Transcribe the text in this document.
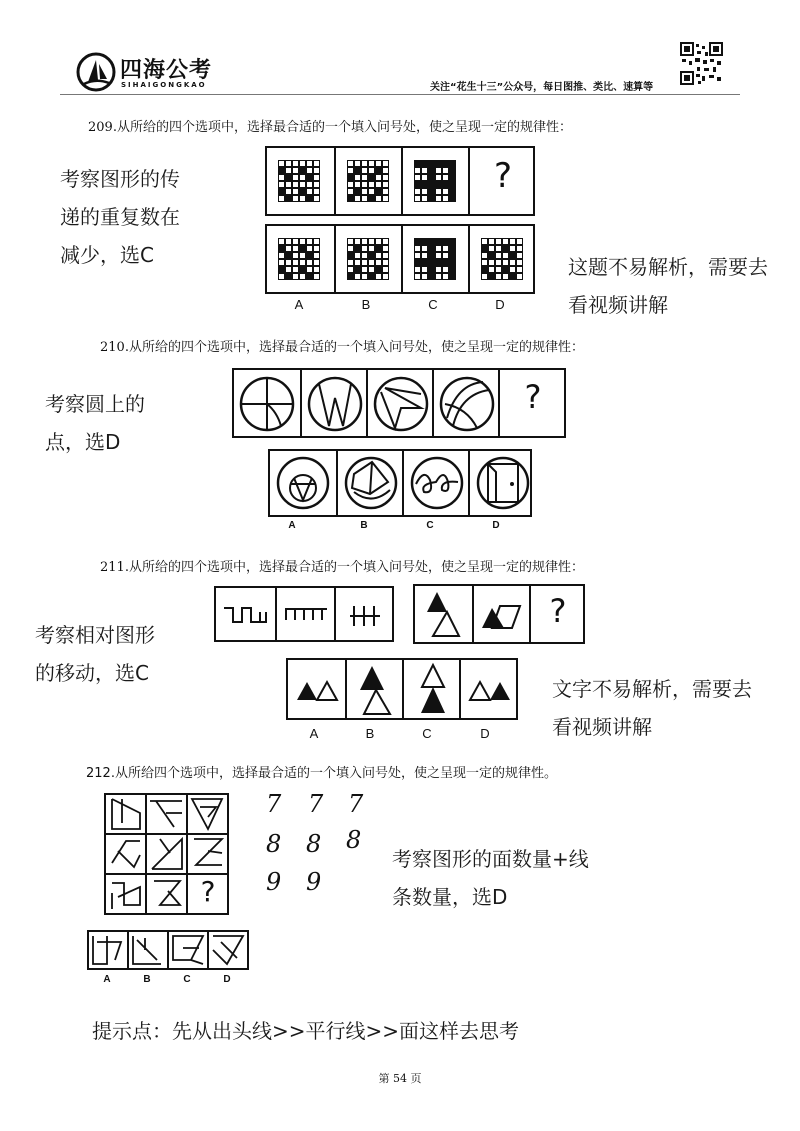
四海公考
SIHAIGONGKAO	关注“花生十三”公众号，每日图推、类比、速算等
209.从所给的四个选项中，选择最合适的一个填入问号处，使之呈现一定的规律性：
考察图形的传
递的重复数在
减少，选C
?
A	B	C	D
这题不易解析，需要去
看视频讲解
210.从所给的四个选项中，选择最合适的一个填入问号处，使之呈现一定的规律性：
考察圆上的
点，选D
?
A	B	C	D
211.从所给的四个选项中，选择最合适的一个填入问号处，使之呈现一定的规律性：
考察相对图形
的移动，选C
?
A	B	C	D
文字不易解析，需要去
看视频讲解
212.从所给四个选项中，选择最合适的一个填入问号处，使之呈现一定的规律性。
?
7 7 7
8 8 8
9 9
考察图形的面数量+线
条数量，选D
A	B	C	D
提示点：先从出头线>>平行线>>面这样去思考
第 54 页
